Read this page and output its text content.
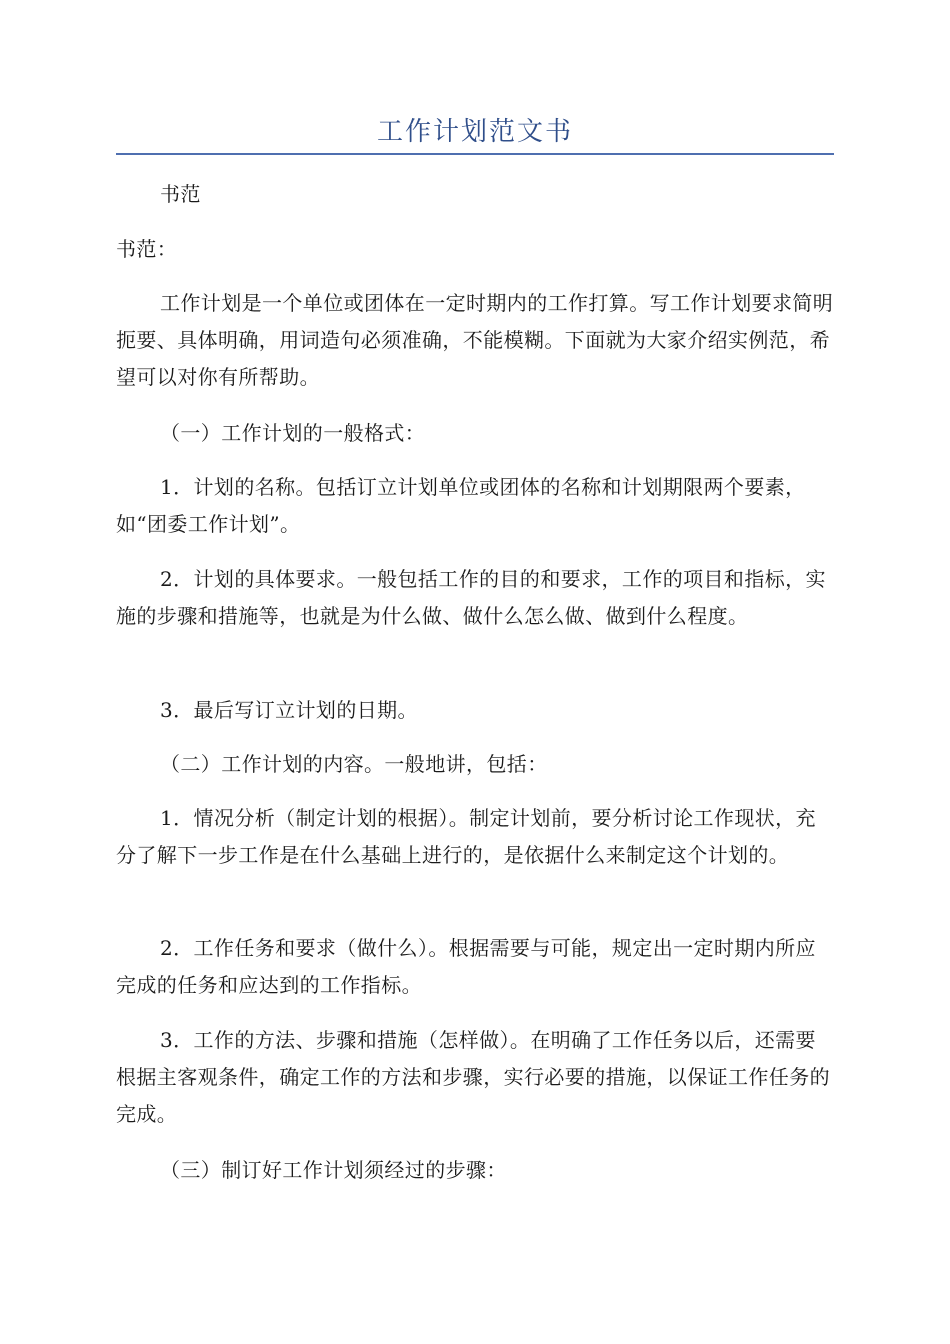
工作计划范文书

书范

书范：

工作计划是一个单位或团体在一定时期内的工作打算。写工作计划要求简明扼要、具体明确，用词造句必须准确，不能模糊。下面就为大家介绍实例范，希望可以对你有所帮助。

（一）工作计划的一般格式：

1．计划的名称。包括订立计划单位或团体的名称和计划期限两个要素，如“团委工作计划”。

2．计划的具体要求。一般包括工作的目的和要求，工作的项目和指标，实施的步骤和措施等，也就是为什么做、做什么怎么做、做到什么程度。

3．最后写订立计划的日期。

（二）工作计划的内容。一般地讲，包括：

1．情况分析（制定计划的根据）。制定计划前，要分析讨论工作现状，充分了解下一步工作是在什么基础上进行的，是依据什么来制定这个计划的。

2．工作任务和要求（做什么）。根据需要与可能，规定出一定时期内所应完成的任务和应达到的工作指标。

3．工作的方法、步骤和措施（怎样做）。在明确了工作任务以后，还需要根据主客观条件，确定工作的方法和步骤，实行必要的措施，以保证工作任务的完成。

（三）制订好工作计划须经过的步骤：
